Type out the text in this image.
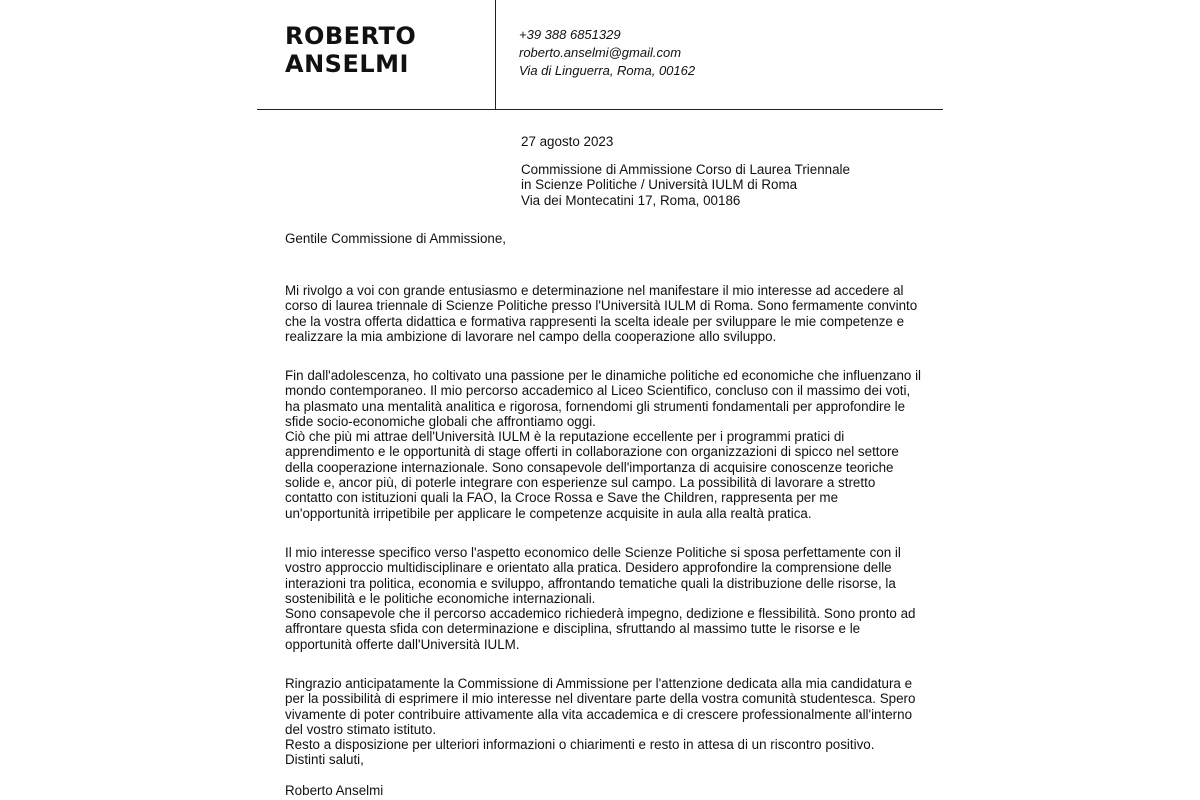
ROBERTO
ANSELMI
+39 388 6851329
roberto.anselmi@gmail.com
Via di Linguerra, Roma, 00162
27 agosto 2023
Commissione di Ammissione Corso di Laurea Triennale
in Scienze Politiche / Università IULM di Roma
Via dei Montecatini 17, Roma, 00186
Gentile Commissione di Ammissione,

Mi rivolgo a voi con grande entusiasmo e determinazione nel manifestare il mio interesse ad accedere al corso di laurea triennale di Scienze Politiche presso l'Università IULM di Roma. Sono fermamente convinto che la vostra offerta didattica e formativa rappresenti la scelta ideale per sviluppare le mie competenze e realizzare la mia ambizione di lavorare nel campo della cooperazione allo sviluppo.

Fin dall'adolescenza, ho coltivato una passione per le dinamiche politiche ed economiche che influenzano il mondo contemporaneo. Il mio percorso accademico al Liceo Scientifico, concluso con il massimo dei voti, ha plasmato una mentalità analitica e rigorosa, fornendomi gli strumenti fondamentali per approfondire le sfide socio-economiche globali che affrontiamo oggi.
Ciò che più mi attrae dell'Università IULM è la reputazione eccellente per i programmi pratici di apprendimento e le opportunità di stage offerti in collaborazione con organizzazioni di spicco nel settore della cooperazione internazionale. Sono consapevole dell'importanza di acquisire conoscenze teoriche solide e, ancor più, di poterle integrare con esperienze sul campo. La possibilità di lavorare a stretto contatto con istituzioni quali la FAO, la Croce Rossa e Save the Children, rappresenta per me un'opportunità irripetibile per applicare le competenze acquisite in aula alla realtà pratica.

Il mio interesse specifico verso l'aspetto economico delle Scienze Politiche si sposa perfettamente con il vostro approccio multidisciplinare e orientato alla pratica. Desidero approfondire la comprensione delle interazioni tra politica, economia e sviluppo, affrontando tematiche quali la distribuzione delle risorse, la sostenibilità e le politiche economiche internazionali.
Sono consapevole che il percorso accademico richiederà impegno, dedizione e flessibilità. Sono pronto ad affrontare questa sfida con determinazione e disciplina, sfruttando al massimo tutte le risorse e le opportunità offerte dall'Università IULM.

Ringrazio anticipatamente la Commissione di Ammissione per l'attenzione dedicata alla mia candidatura e per la possibilità di esprimere il mio interesse nel diventare parte della vostra comunità studentesca. Spero vivamente di poter contribuire attivamente alla vita accademica e di crescere professionalmente all'interno del vostro stimato istituto.
Resto a disposizione per ulteriori informazioni o chiarimenti e resto in attesa di un riscontro positivo.
Distinti saluti,

Roberto Anselmi
